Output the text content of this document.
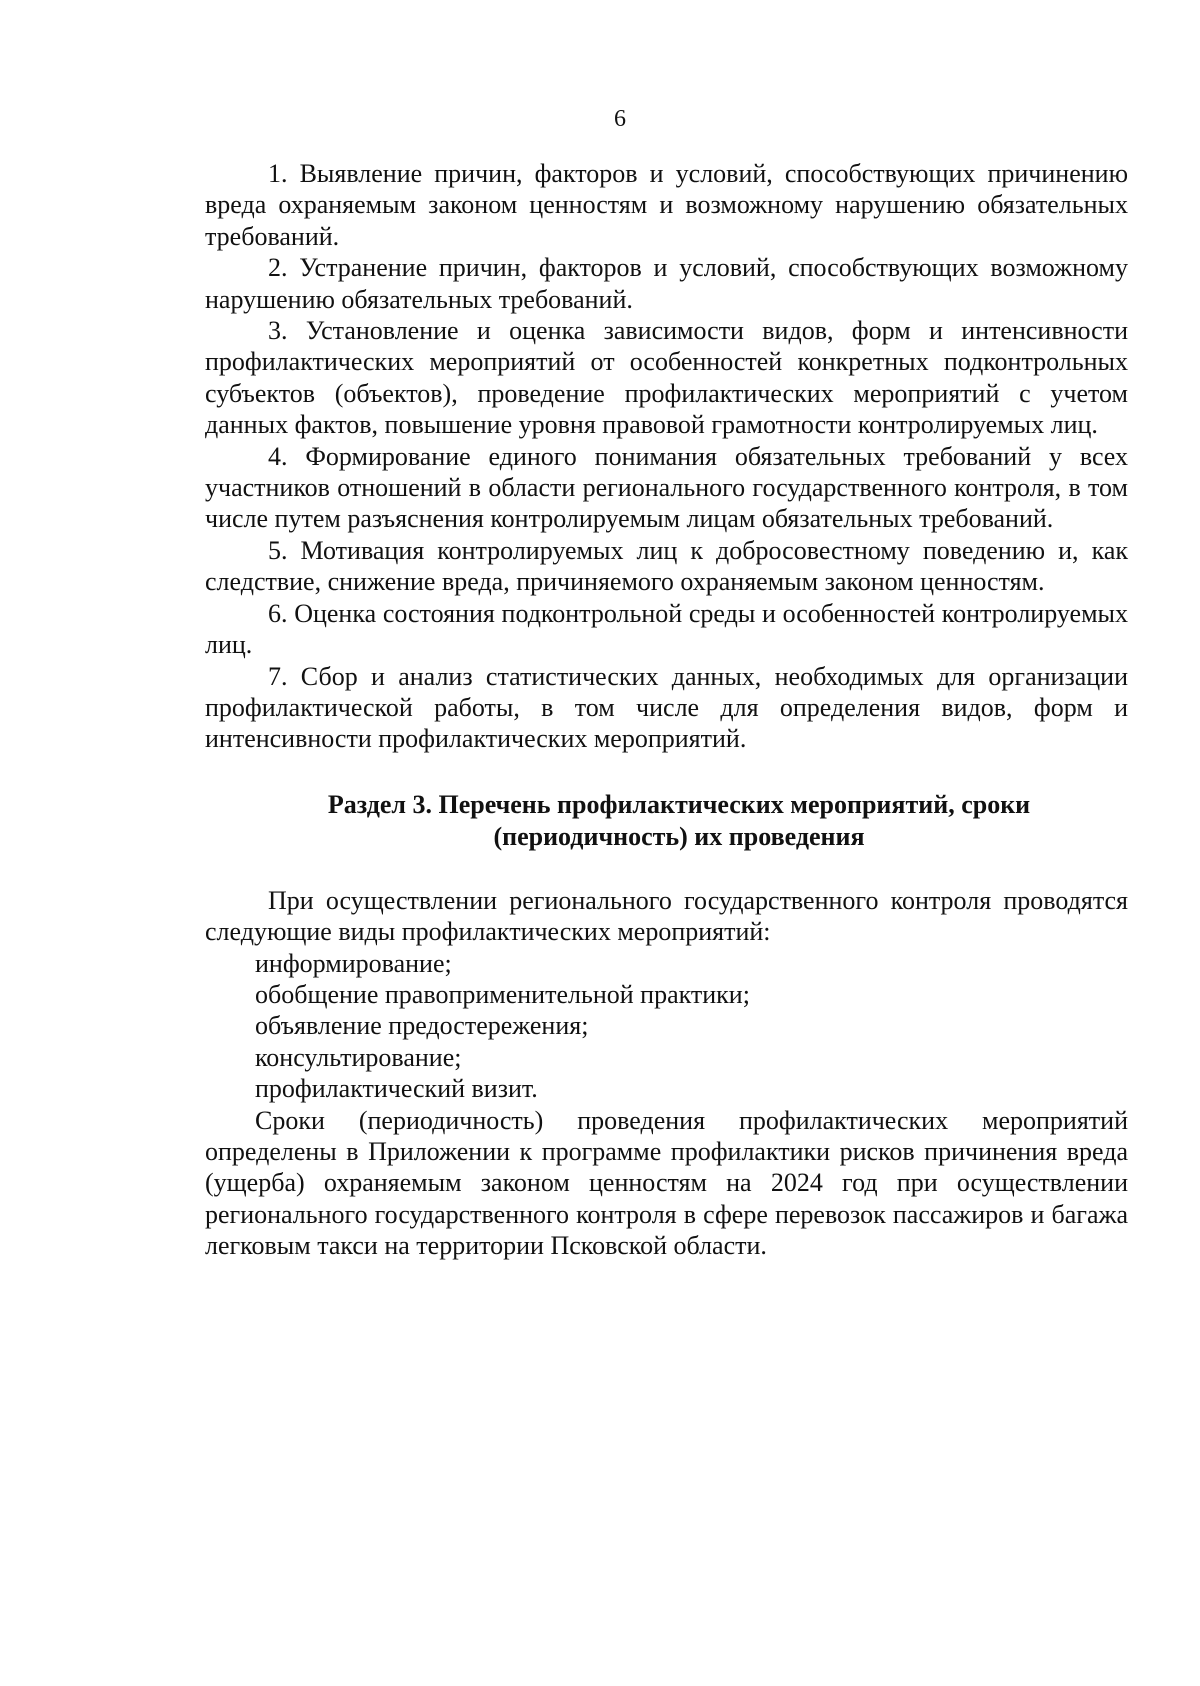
6

1. Выявление причин, факторов и условий, способствующих причинению вреда охраняемым законом ценностям и возможному нарушению обязательных требований.

2. Устранение причин, факторов и условий, способствующих возможному нарушению обязательных требований.

3. Установление и оценка зависимости видов, форм и интенсивности профилактических мероприятий от особенностей конкретных подконтрольных субъектов (объектов), проведение профилактических мероприятий с учетом данных фактов, повышение уровня правовой грамотности контролируемых лиц.

4. Формирование единого понимания обязательных требований у всех участников отношений в области регионального государственного контроля, в том числе путем разъяснения контролируемым лицам обязательных требований.

5. Мотивация контролируемых лиц к добросовестному поведению и, как следствие, снижение вреда, причиняемого охраняемым законом ценностям.

6. Оценка состояния подконтрольной среды и особенностей контролируемых лиц.

7. Сбор и анализ статистических данных, необходимых для организации профилактической работы, в том числе для определения видов, форм и интенсивности профилактических мероприятий.

Раздел 3. Перечень профилактических мероприятий, сроки
(периодичность) их проведения

При осуществлении регионального государственного контроля проводятся следующие виды профилактических мероприятий:

информирование;
обобщение правоприменительной практики;
объявление предостережения;
консультирование;
профилактический визит.

Сроки (периодичность) проведения профилактических мероприятий определены в Приложении к программе профилактики рисков причинения вреда (ущерба) охраняемым законом ценностям на 2024 год при осуществлении регионального государственного контроля в сфере перевозок пассажиров и багажа легковым такси на территории Псковской области.
